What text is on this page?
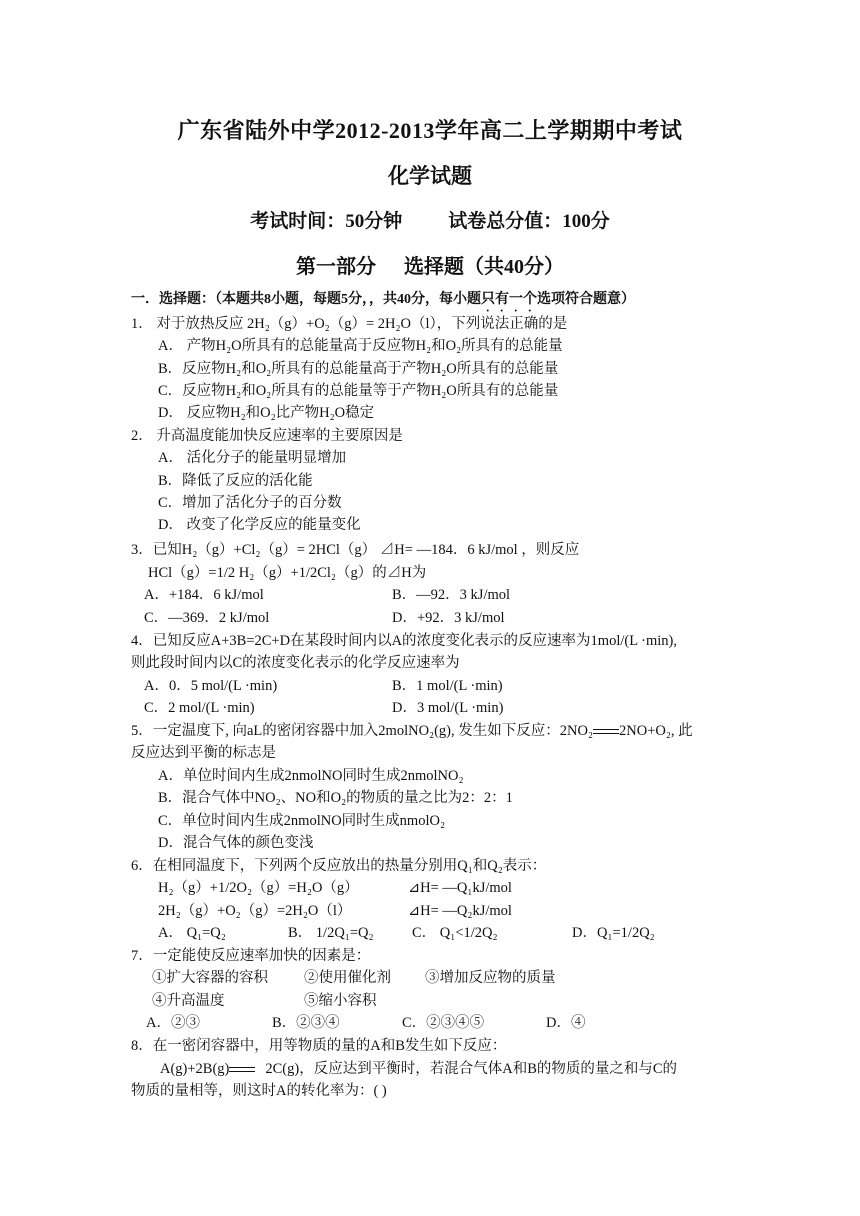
广东省陆外中学2012-2013学年高二上学期期中考试
化学试题
考试时间：50分钟 试卷总分值：100分
第一部分 选择题（共40分）
一．选择题：（本题共8小题，每题5分，，共40分，每小题只有一个选项符合题意）
1． 对于放热反应 2H₂（g）+O₂（g）= 2H₂O（l），下列说法正确的是
A． 产物H₂O所具有的总能量高于反应物H₂和O₂所具有的总能量
B．反应物H₂和O₂所具有的总能量高于产物H₂O所具有的总能量
C．反应物H₂和O₂所具有的总能量等于产物H₂O所具有的总能量
D． 反应物H₂和O₂比产物H₂O稳定
2． 升高温度能加快反应速率的主要原因是
A． 活化分子的能量明显增加
B．降低了反应的活化能
C．增加了活化分子的百分数
D． 改变了化学反应的能量变化
3．已知H₂（g）+Cl₂（g）= 2HCl（g） ⊿H= —184．6 kJ/mol ，则反应
HCl（g）=1/2 H₂（g）+1/2Cl₂（g）的⊿H为
A．+184．6 kJ/mol	B．—92．3 kJ/mol
C．—369．2 kJ/mol	D．+92．3 kJ/mol
4．已知反应A+3B=2C+D在某段时间内以A的浓度变化表示的反应速率为1mol/(L ·min),
则此段时间内以C的浓度变化表示的化学反应速率为
A．0．5 mol/(L ·min)	B．1 mol/(L ·min)
C．2 mol/(L ·min)	D．3 mol/(L ·min)
5．一定温度下, 向aL的密闭容器中加入2molNO₂(g), 发生如下反应：2NO₂ 2NO+O₂, 此
反应达到平衡的标志是
A．单位时间内生成2nmolNO同时生成2nmolNO₂
B．混合气体中NO₂、NO和O₂的物质的量之比为2：2：1
C．单位时间内生成2nmolNO同时生成nmolO₂
D．混合气体的颜色变浅
6．在相同温度下，下列两个反应放出的热量分别用Q₁和Q₂表示：
H₂（g）+1/2O₂（g）=H₂O（g）	⊿H= —Q₁kJ/mol
2H₂（g）+O₂（g）=2H₂O（l）	⊿H= —Q₂kJ/mol
A． Q₁=Q₂	B． 1/2Q₁=Q₂	C． Q₁<1/2Q₂	D．Q₁=1/2Q₂
7．一定能使反应速率加快的因素是：
①扩大容器的容积 ②使用催化剂 ③增加反应物的质量
④升高温度	⑤缩小容积
A．②③	B．②③④	C．②③④⑤	D．④
8．在一密闭容器中，用等物质的量的A和B发生如下反应：
A(g)+2B(g) 2C(g)，反应达到平衡时，若混合气体A和B的物质的量之和与C的
物质的量相等，则这时A的转化率为：( )
